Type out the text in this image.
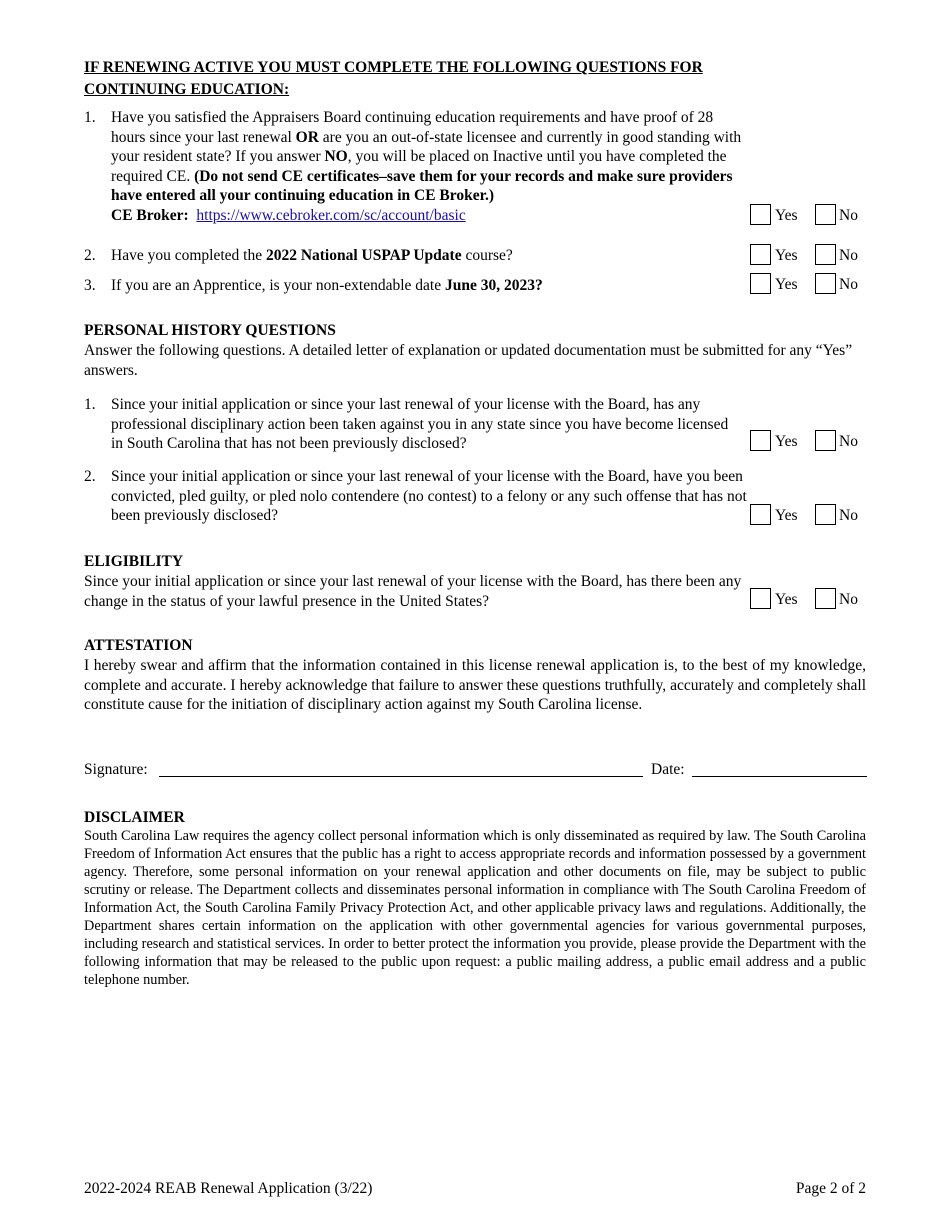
IF RENEWING ACTIVE YOU MUST COMPLETE THE FOLLOWING QUESTIONS FOR CONTINUING EDUCATION:
1. Have you satisfied the Appraisers Board continuing education requirements and have proof of 28 hours since your last renewal OR are you an out-of-state licensee and currently in good standing with your resident state? If you answer NO, you will be placed on Inactive until you have completed the required CE. (Do not send CE certificates–save them for your records and make sure providers have entered all your continuing education in CE Broker.)
CE Broker: https://www.cebroker.com/sc/account/basic	Yes	No
2. Have you completed the 2022 National USPAP Update course?	Yes	No
3. If you are an Apprentice, is your non-extendable date June 30, 2023?	Yes	No
PERSONAL HISTORY QUESTIONS
Answer the following questions. A detailed letter of explanation or updated documentation must be submitted for any “Yes” answers.
1. Since your initial application or since your last renewal of your license with the Board, has any professional disciplinary action been taken against you in any state since you have become licensed in South Carolina that has not been previously disclosed?	Yes	No
2. Since your initial application or since your last renewal of your license with the Board, have you been convicted, pled guilty, or pled nolo contendere (no contest) to a felony or any such offense that has not been previously disclosed?	Yes	No
ELIGIBILITY
Since your initial application or since your last renewal of your license with the Board, has there been any change in the status of your lawful presence in the United States?	Yes	No
ATTESTATION
I hereby swear and affirm that the information contained in this license renewal application is, to the best of my knowledge, complete and accurate. I hereby acknowledge that failure to answer these questions truthfully, accurately and completely shall constitute cause for the initiation of disciplinary action against my South Carolina license.
Signature:	Date:
DISCLAIMER
South Carolina Law requires the agency collect personal information which is only disseminated as required by law. The South Carolina Freedom of Information Act ensures that the public has a right to access appropriate records and information possessed by a government agency. Therefore, some personal information on your renewal application and other documents on file, may be subject to public scrutiny or release. The Department collects and disseminates personal information in compliance with The South Carolina Freedom of Information Act, the South Carolina Family Privacy Protection Act, and other applicable privacy laws and regulations. Additionally, the Department shares certain information on the application with other governmental agencies for various governmental purposes, including research and statistical services. In order to better protect the information you provide, please provide the Department with the following information that may be released to the public upon request: a public mailing address, a public email address and a public telephone number.
2022-2024 REAB Renewal Application (3/22)	Page 2 of 2
